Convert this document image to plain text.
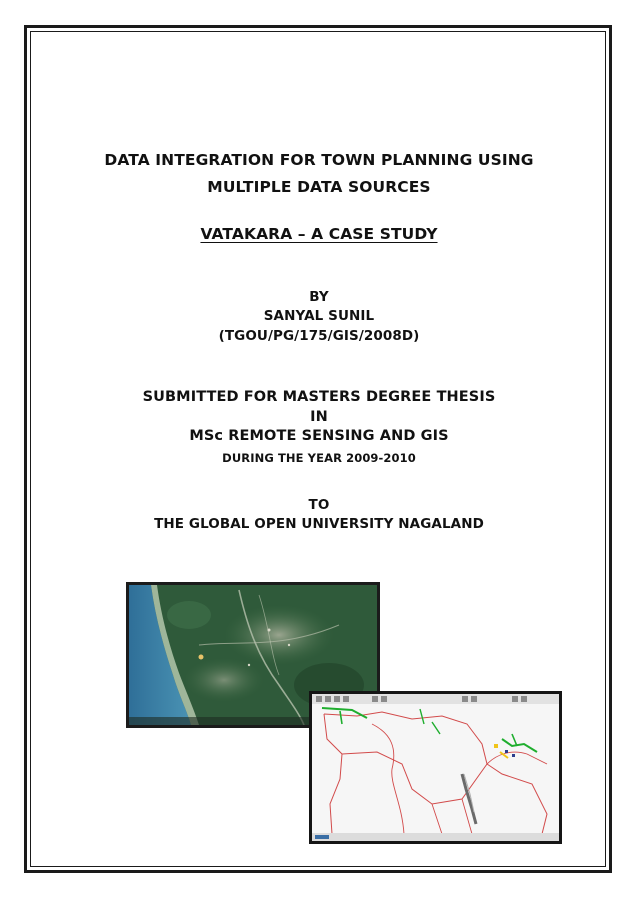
DATA INTEGRATION FOR TOWN PLANNING USING
MULTIPLE DATA SOURCES
VATAKARA – A CASE STUDY
BY
SANYAL SUNIL
(TGOU/PG/175/GIS/2008D)
SUBMITTED FOR MASTERS DEGREE THESIS
IN
MSc REMOTE SENSING AND GIS
DURING THE YEAR 2009-2010
TO
THE GLOBAL OPEN UNIVERSITY NAGALAND
